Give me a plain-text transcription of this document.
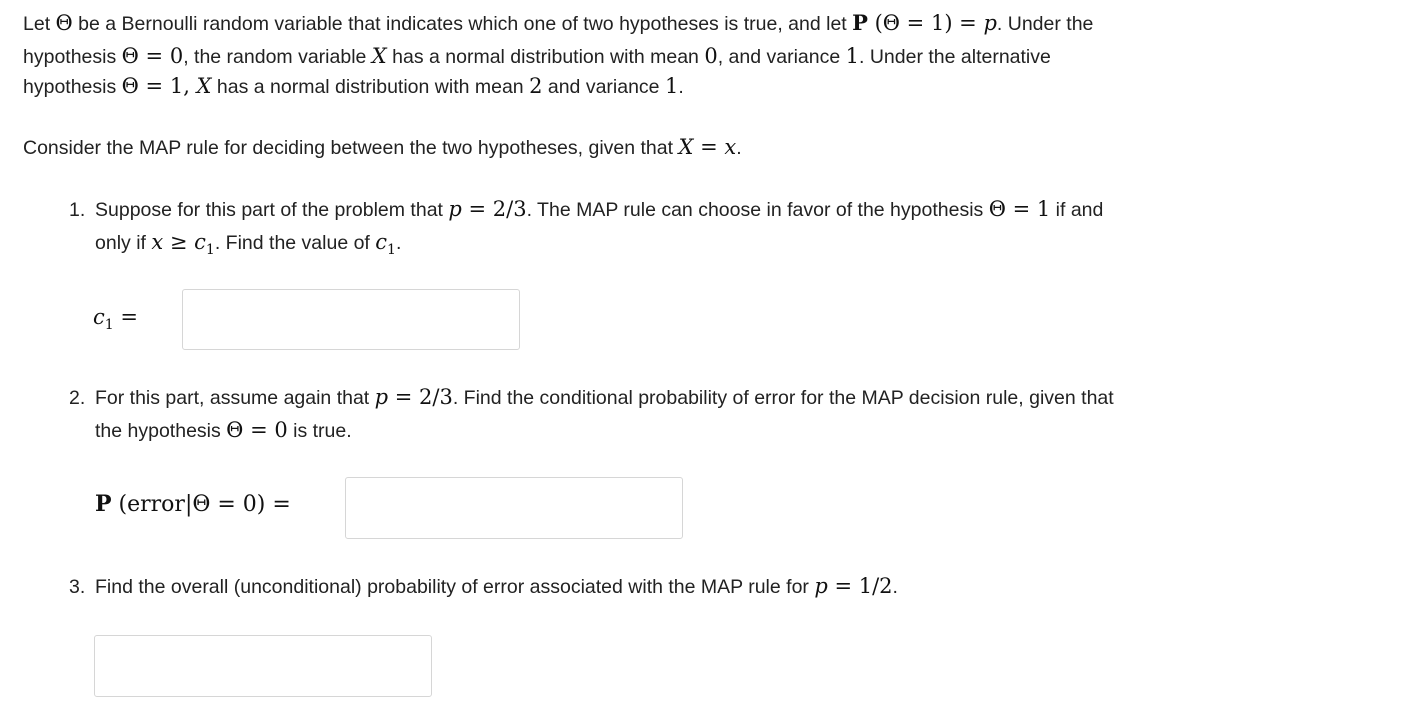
Let Θ be a Bernoulli random variable that indicates which one of two hypotheses is true, and let P (Θ = 1) = p. Under the
hypothesis Θ = 0, the random variable X has a normal distribution with mean 0, and variance 1. Under the alternative
hypothesis Θ = 1, X has a normal distribution with mean 2 and variance 1.
Consider the MAP rule for deciding between the two hypotheses, given that X = x.
1. Suppose for this part of the problem that p = 2/3. The MAP rule can choose in favor of the hypothesis Θ = 1 if and
only if $x \ge c_1$. Find the value of $c_1$.
$c_1$ =
2. For this part, assume again that p = 2/3. Find the conditional probability of error for the MAP decision rule, given that
the hypothesis Θ = 0 is true.
P (error|Θ = 0) =
3. Find the overall (unconditional) probability of error associated with the MAP rule for p = 1/2.
